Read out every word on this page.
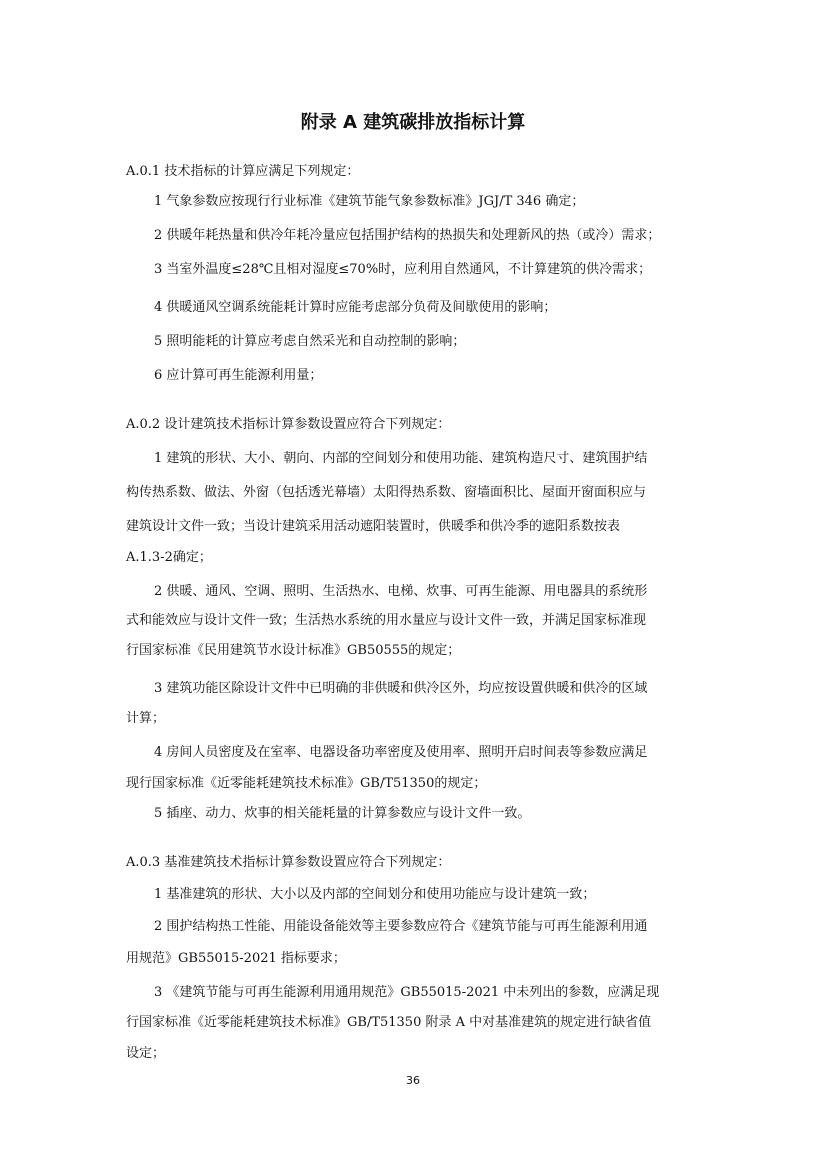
附录 A 建筑碳排放指标计算
A.0.1 技术指标的计算应满足下列规定：
1 气象参数应按现行行业标准《建筑节能气象参数标准》JGJ/T 346 确定；
2 供暖年耗热量和供冷年耗冷量应包括围护结构的热损失和处理新风的热（或冷）需求；
3 当室外温度≤28℃且相对湿度≤70%时，应利用自然通风，不计算建筑的供冷需求；
4 供暖通风空调系统能耗计算时应能考虑部分负荷及间歇使用的影响；
5 照明能耗的计算应考虑自然采光和自动控制的影响；
6 应计算可再生能源利用量；
A.0.2 设计建筑技术指标计算参数设置应符合下列规定：
1 建筑的形状、大小、朝向、内部的空间划分和使用功能、建筑构造尺寸、建筑围护结
构传热系数、做法、外窗（包括透光幕墙）太阳得热系数、窗墙面积比、屋面开窗面积应与
建筑设计文件一致；当设计建筑采用活动遮阳装置时，供暖季和供冷季的遮阳系数按表
A.1.3-2确定；
2 供暖、通风、空调、照明、生活热水、电梯、炊事、可再生能源、用电器具的系统形
式和能效应与设计文件一致；生活热水系统的用水量应与设计文件一致，并满足国家标准现
行国家标准《民用建筑节水设计标准》GB50555的规定；
3 建筑功能区除设计文件中已明确的非供暖和供冷区外，均应按设置供暖和供冷的区域
计算；
4 房间人员密度及在室率、电器设备功率密度及使用率、照明开启时间表等参数应满足
现行国家标准《近零能耗建筑技术标准》GB/T51350的规定；
5 插座、动力、炊事的相关能耗量的计算参数应与设计文件一致。
A.0.3 基准建筑技术指标计算参数设置应符合下列规定：
1 基准建筑的形状、大小以及内部的空间划分和使用功能应与设计建筑一致；
2 围护结构热工性能、用能设备能效等主要参数应符合《建筑节能与可再生能源利用通
用规范》GB55015-2021 指标要求；
3 《建筑节能与可再生能源利用通用规范》GB55015-2021 中未列出的参数，应满足现
行国家标准《近零能耗建筑技术标准》GB/T51350 附录 A 中对基准建筑的规定进行缺省值
设定；
36
